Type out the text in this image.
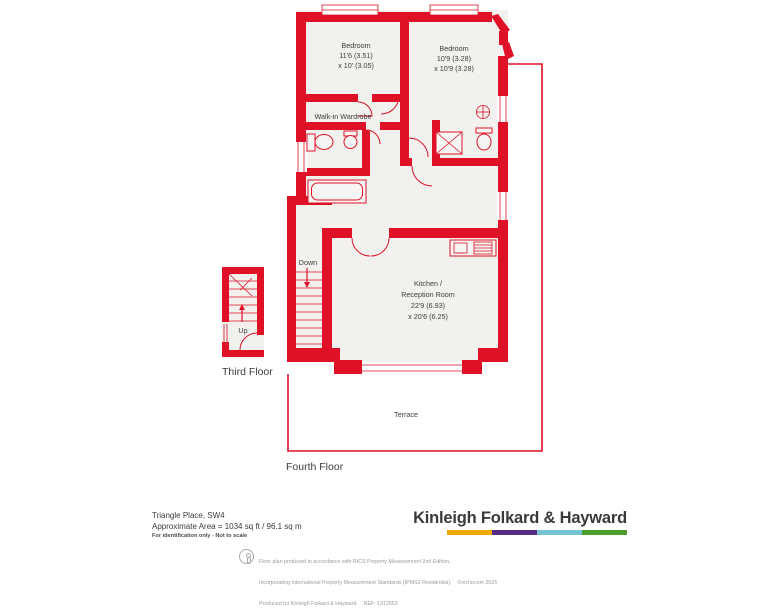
Bedroom
11'6 (3.51)
x 10' (3.05)
Bedroom
10'9 (3.28)
x 10'9 (3.28)
Walk-in Wardrobe
Kitchen /
Reception Room
22'9 (6.93)
x 20'6 (6.25)
Terrace
Down
Up
Third Floor
Fourth Floor
Triangle Place, SW4
Approximate Area = 1034 sq ft / 96.1 sq m
For identification only - Not to scale
Kinleigh Folkard & Hayward

Floor plan produced in accordance with RICS Property Measurement 2nd Edition,

Incorporating International Property Measurement Standards (IPMS2 Residential).    ©nichecom 2025

Produced for Kinleigh Folkard & Hayward.    REF: 1312553
